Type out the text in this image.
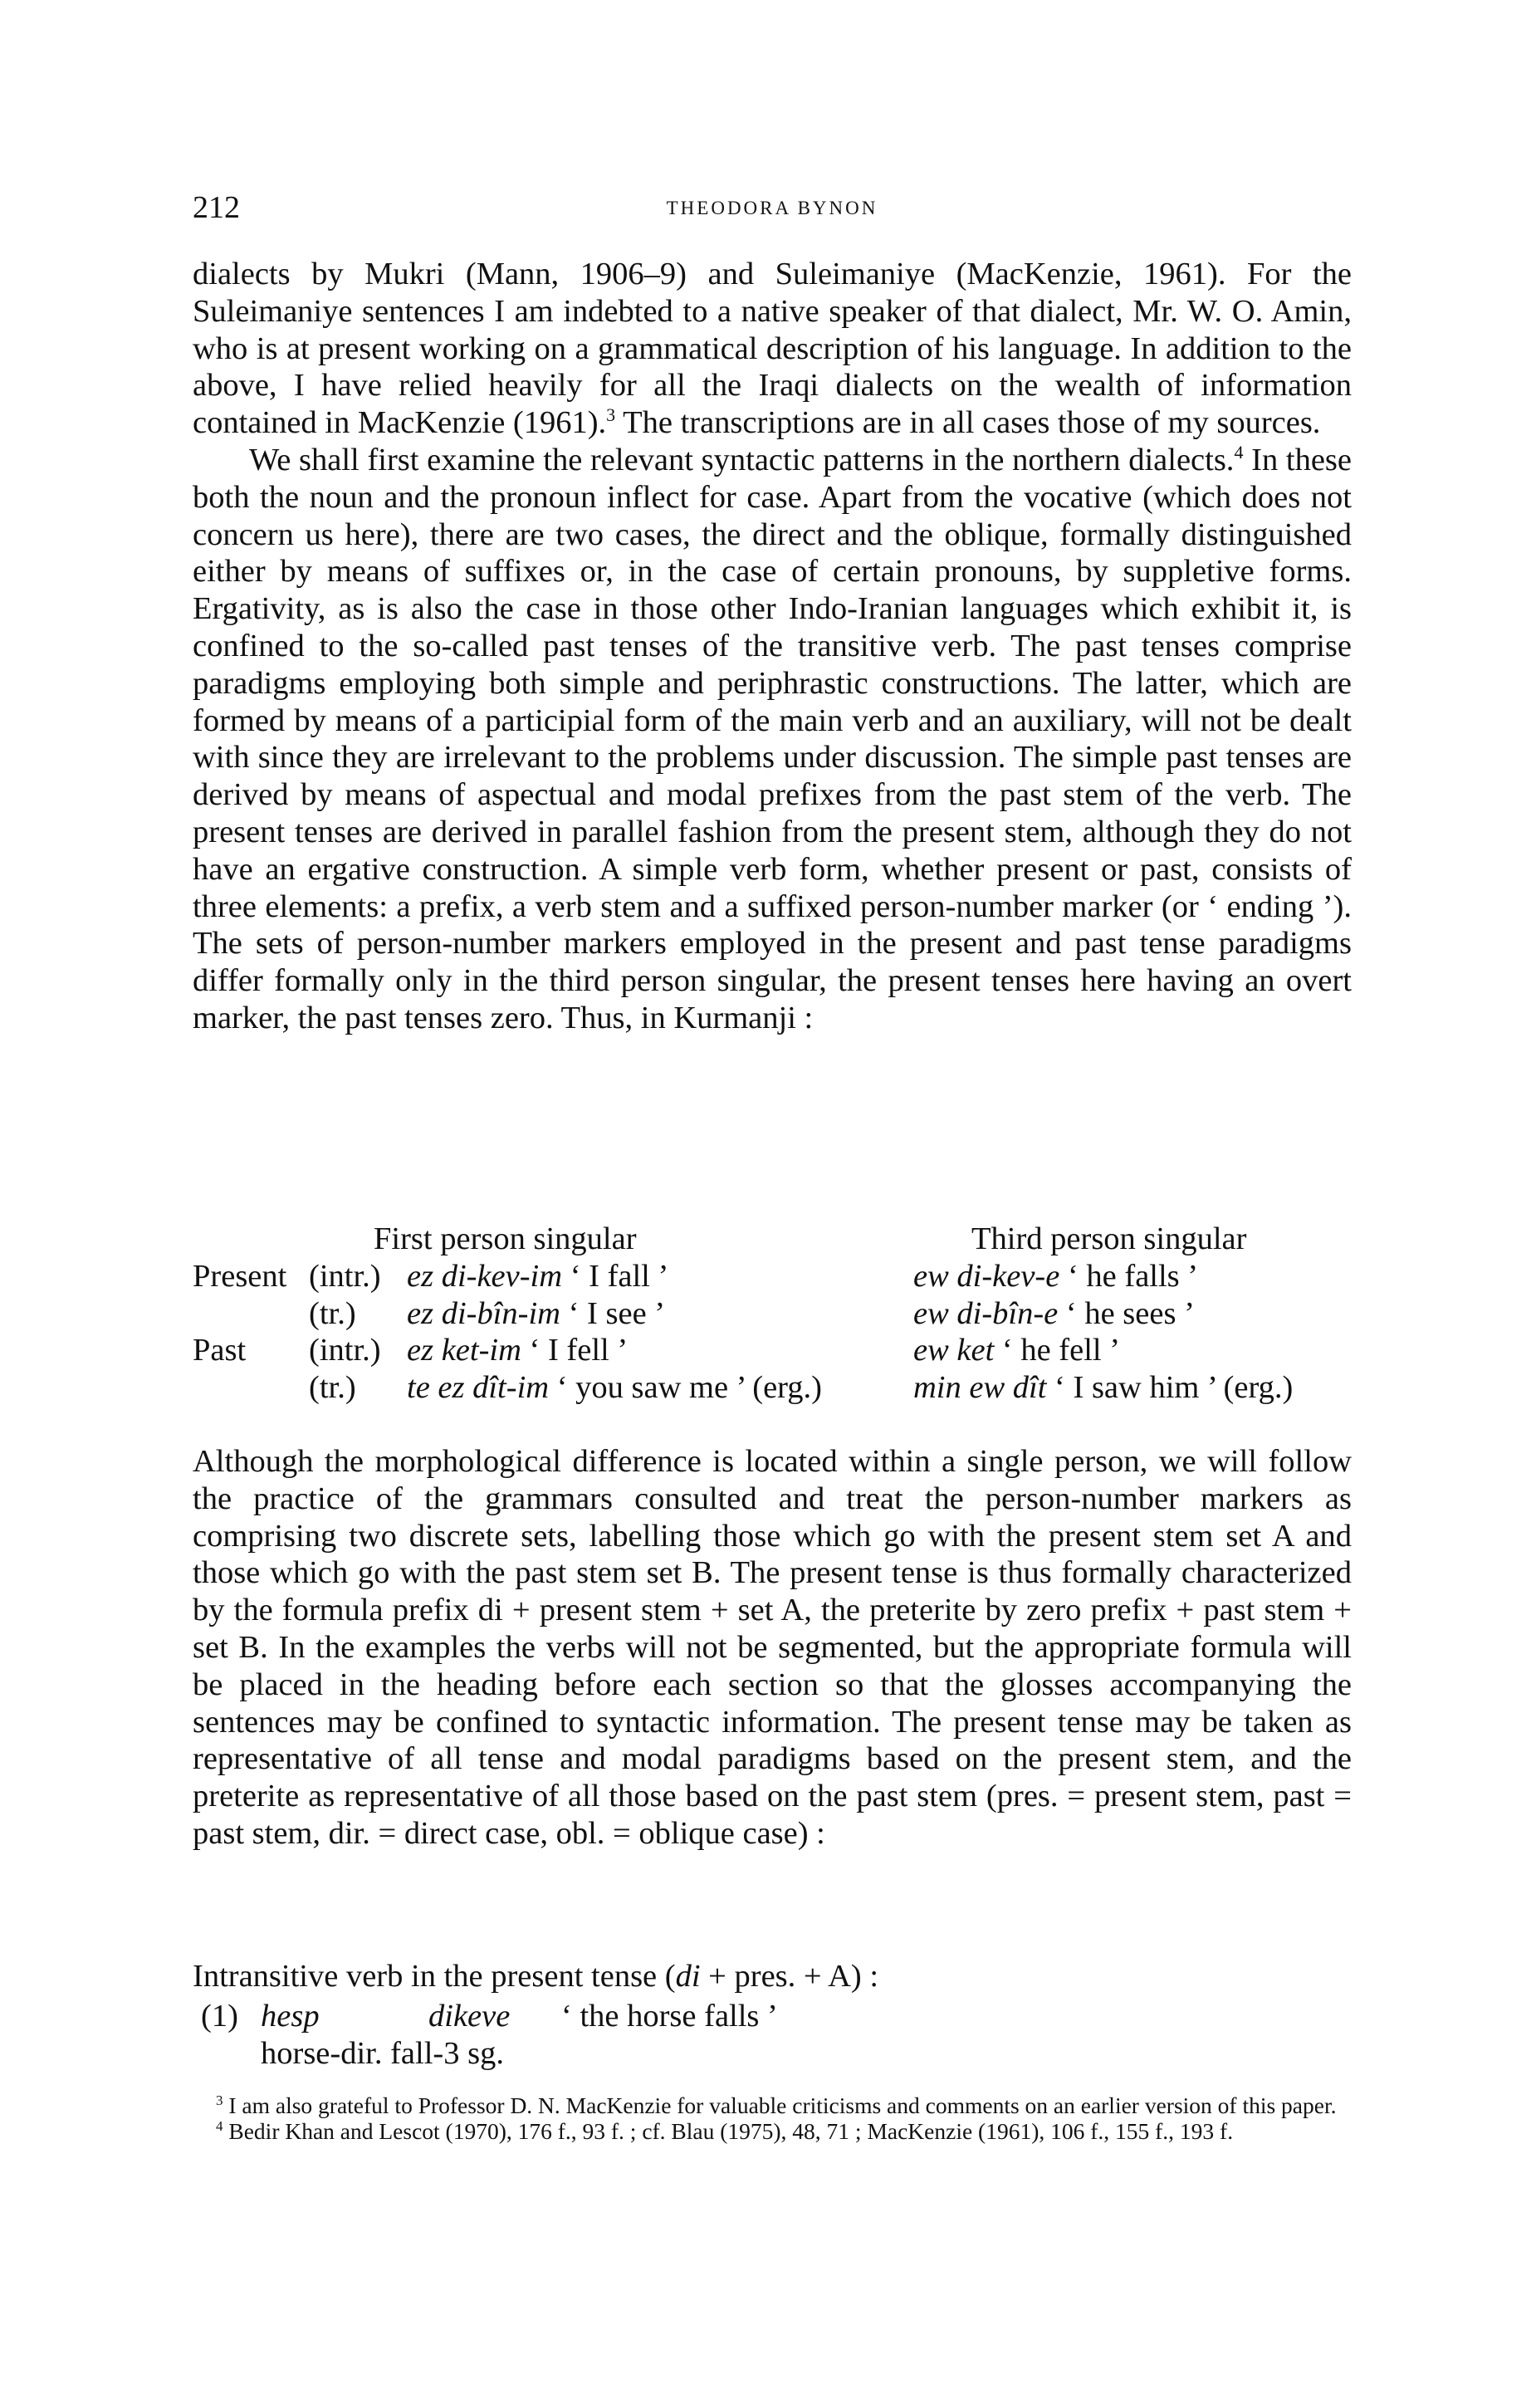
212	THEODORA BYNON

dialects by Mukri (Mann, 1906–9) and Suleimaniye (MacKenzie, 1961). For the Suleimaniye sentences I am indebted to a native speaker of that dialect, Mr. W. O. Amin, who is at present working on a grammatical description of his language. In addition to the above, I have relied heavily for all the Iraqi dialects on the wealth of information contained in MacKenzie (1961).$^3$ The transcriptions are in all cases those of my sources.

We shall first examine the relevant syntactic patterns in the northern dialects.$^4$ In these both the noun and the pronoun inflect for case. Apart from the vocative (which does not concern us here), there are two cases, the direct and the oblique, formally distinguished either by means of suffixes or, in the case of certain pronouns, by suppletive forms. Ergativity, as is also the case in those other Indo-Iranian languages which exhibit it, is confined to the so-called past tenses of the transitive verb. The past tenses comprise paradigms employing both simple and periphrastic constructions. The latter, which are formed by means of a participial form of the main verb and an auxiliary, will not be dealt with since they are irrelevant to the problems under discussion. The simple past tenses are derived by means of aspectual and modal prefixes from the past stem of the verb. The present tenses are derived in parallel fashion from the present stem, although they do not have an ergative construction. A simple verb form, whether present or past, consists of three elements: a prefix, a verb stem and a suffixed person-number marker (or ‘ ending ’). The sets of person-number markers employed in the present and past tense paradigms differ formally only in the third person singular, the present tenses here having an overt marker, the past tenses zero. Thus, in Kurmanji :

First person singular	Third person singular
Present (intr.) ez di-kev-im ‘ I fall ’	ew di-kev-e ‘ he falls ’
(tr.) ez di-bîn-im ‘ I see ’	ew di-bîn-e ‘ he sees ’
Past (intr.) ez ket-im ‘ I fell ’	ew ket ‘ he fell ’
(tr.) te ez dît-im ‘ you saw me ’ (erg.)	min ew dît ‘ I saw him ’ (erg.)
Although the morphological difference is located within a single person, we will follow the practice of the grammars consulted and treat the person-number markers as comprising two discrete sets, labelling those which go with the present stem set A and those which go with the past stem set B. The present tense is thus formally characterized by the formula prefix di + present stem + set A, the preterite by zero prefix + past stem + set B. In the examples the verbs will not be segmented, but the appropriate formula will be placed in the heading before each section so that the glosses accompanying the sentences may be confined to syntactic information. The present tense may be taken as representative of all tense and modal paradigms based on the present stem, and the preterite as representative of all those based on the past stem (pres. = present stem, past = past stem, dir. = direct case, obl. = oblique case) :
Intransitive verb in the present tense (di + pres. + A) :
(1) hesp	dikeve ‘ the horse falls ’
horse-dir. fall-3 sg.

$^3$ I am also grateful to Professor D. N. MacKenzie for valuable criticisms and comments on an earlier version of this paper.

$^4$ Bedir Khan and Lescot (1970), 176 f., 93 f. ; cf. Blau (1975), 48, 71 ; MacKenzie (1961), 106 f., 155 f., 193 f.
